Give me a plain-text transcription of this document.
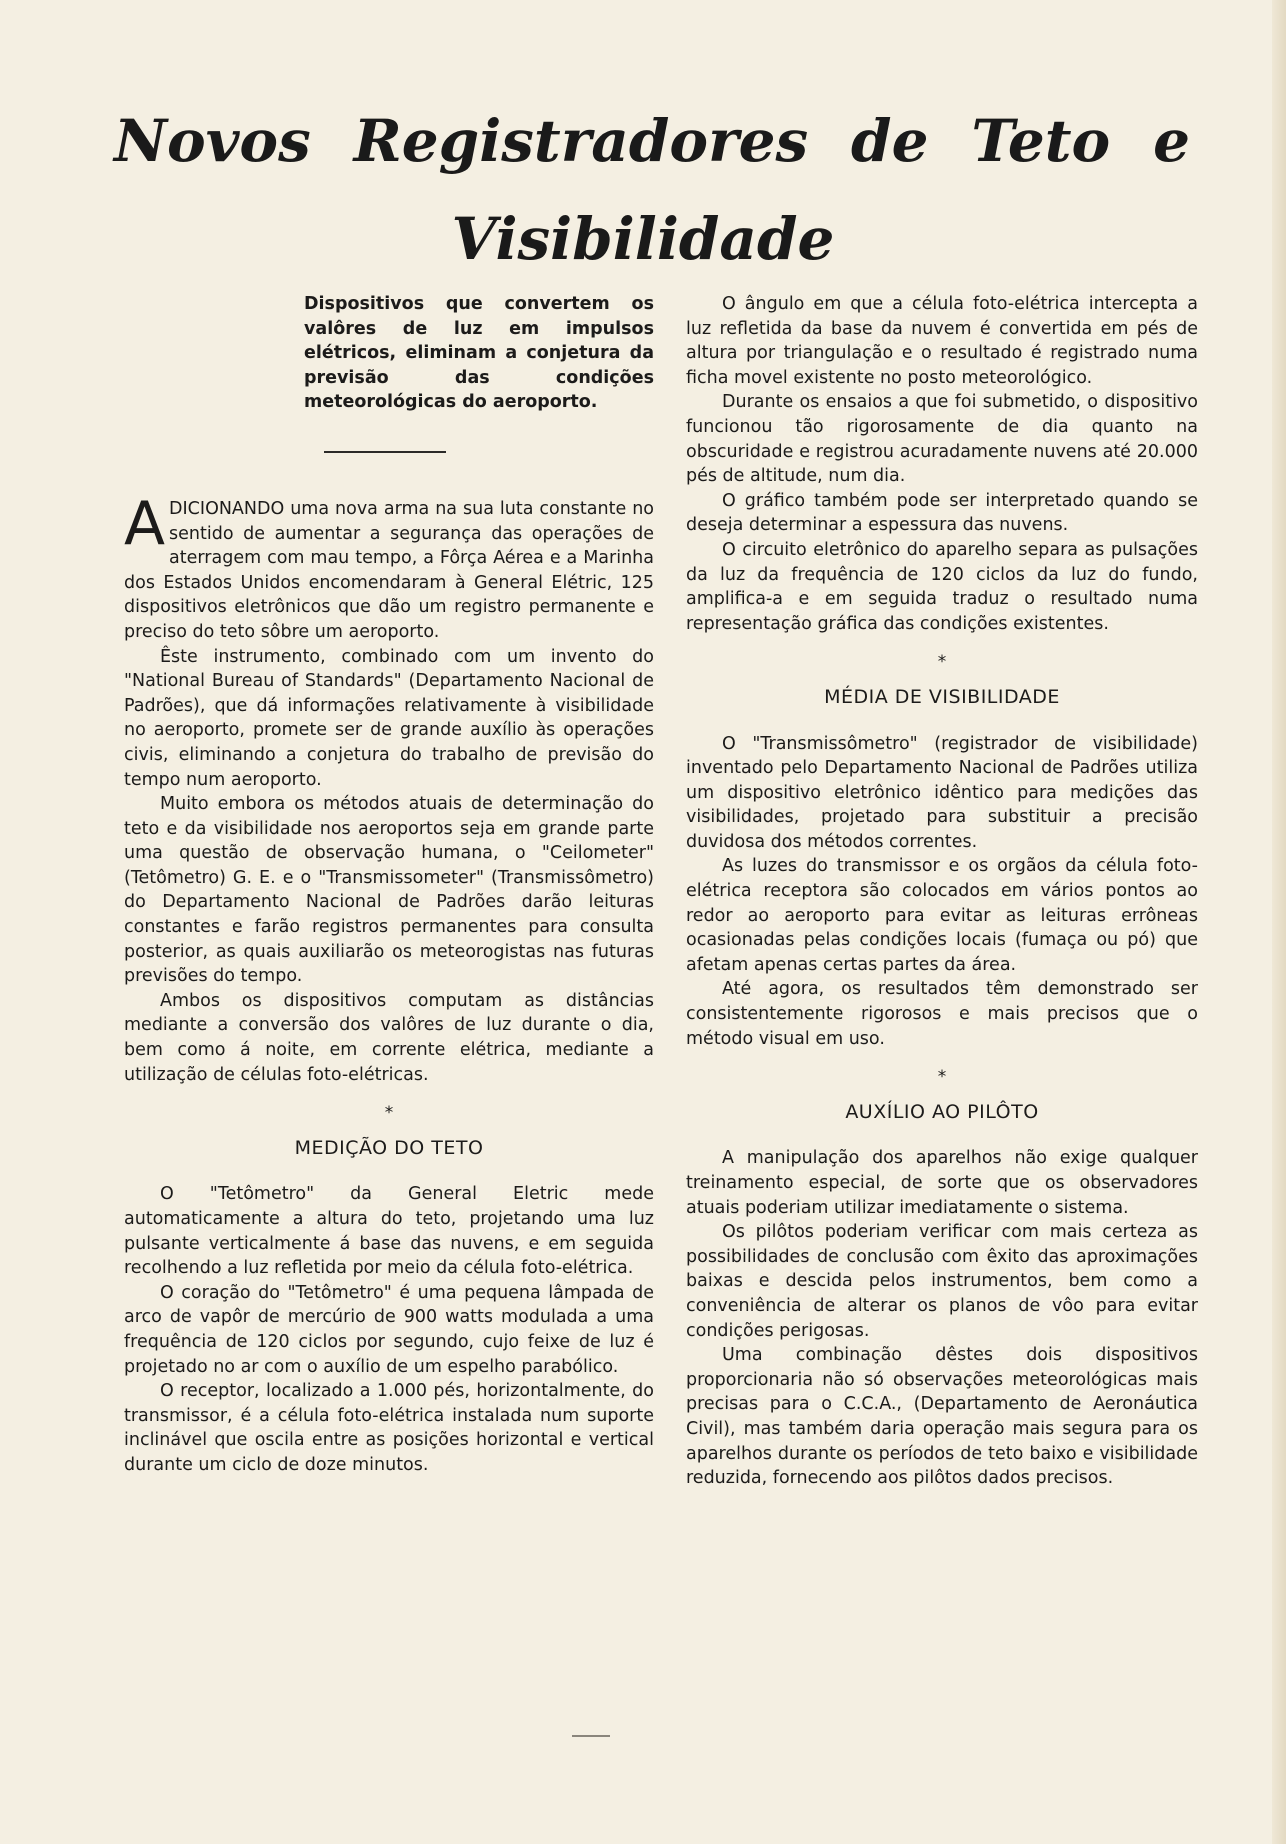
Novos Registradores de Teto e
Visibilidade

Dispositivos que convertem os valôres de luz em impulsos elétricos, eliminam a conjetura da previsão das condições meteorológicas do aeroporto.

ADICIONANDO uma nova arma na sua luta constante no sentido de aumentar a segurança das operações de aterragem com mau tempo, a Fôrça Aérea e a Marinha dos Estados Unidos encomendaram à General Elétric, 125 dispositivos eletrônicos que dão um registro permanente e preciso do teto sôbre um aeroporto.

Êste instrumento, combinado com um invento do "National Bureau of Standards" (Departamento Nacional de Padrões), que dá informações relativamente à visibilidade no aeroporto, promete ser de grande auxílio às operações civis, eliminando a conjetura do trabalho de previsão do tempo num aeroporto.

Muito embora os métodos atuais de determinação do teto e da visibilidade nos aeroportos seja em grande parte uma questão de observação humana, o "Ceilometer" (Tetômetro) G. E. e o "Transmissometer" (Transmissômetro) do Departamento Nacional de Padrões darão leituras constantes e farão registros permanentes para consulta posterior, as quais auxiliarão os meteorogistas nas futuras previsões do tempo.

Ambos os dispositivos computam as distâncias mediante a conversão dos valôres de luz durante o dia, bem como á noite, em corrente elétrica, mediante a utilização de células foto-elétricas.

*
MEDIÇÃO DO TETO

O "Tetômetro" da General Eletric mede automaticamente a altura do teto, projetando uma luz pulsante verticalmente á base das nuvens, e em seguida recolhendo a luz refletida por meio da célula foto-elétrica.

O coração do "Tetômetro" é uma pequena lâmpada de arco de vapôr de mercúrio de 900 watts modulada a uma frequência de 120 ciclos por segundo, cujo feixe de luz é projetado no ar com o auxílio de um espelho parabólico.

O receptor, localizado a 1.000 pés, horizontalmente, do transmissor, é a célula foto-elétrica instalada num suporte inclinável que oscila entre as posições horizontal e vertical durante um ciclo de doze minutos.

O ângulo em que a célula foto-elétrica intercepta a luz refletida da base da nuvem é convertida em pés de altura por triangulação e o resultado é registrado numa ficha movel existente no posto meteorológico.

Durante os ensaios a que foi submetido, o dispositivo funcionou tão rigorosamente de dia quanto na obscuridade e registrou acuradamente nuvens até 20.000 pés de altitude, num dia.

O gráfico também pode ser interpretado quando se deseja determinar a espessura das nuvens.

O circuito eletrônico do aparelho separa as pulsações da luz da frequência de 120 ciclos da luz do fundo, amplifica-a e em seguida traduz o resultado numa representação gráfica das condições existentes.

*
MÉDIA DE VISIBILIDADE

O "Transmissômetro" (registrador de visibilidade) inventado pelo Departamento Nacional de Padrões utiliza um dispositivo eletrônico idêntico para medições das visibilidades, projetado para substituir a precisão duvidosa dos métodos correntes.

As luzes do transmissor e os orgãos da célula foto-elétrica receptora são colocados em vários pontos ao redor ao aeroporto para evitar as leituras errôneas ocasionadas pelas condições locais (fumaça ou pó) que afetam apenas certas partes da área.

Até agora, os resultados têm demonstrado ser consistentemente rigorosos e mais precisos que o método visual em uso.

*
AUXÍLIO AO PILÔTO

A manipulação dos aparelhos não exige qualquer treinamento especial, de sorte que os observadores atuais poderiam utilizar imediatamente o sistema.

Os pilôtos poderiam verificar com mais certeza as possibilidades de conclusão com êxito das aproximações baixas e descida pelos instrumentos, bem como a conveniência de alterar os planos de vôo para evitar condições perigosas.

Uma combinação dêstes dois dispositivos proporcionaria não só observações meteorológicas mais precisas para o C.C.A., (Departamento de Aeronáutica Civil), mas também daria operação mais segura para os aparelhos durante os períodos de teto baixo e visibilidade reduzida, fornecendo aos pilôtos dados precisos.
